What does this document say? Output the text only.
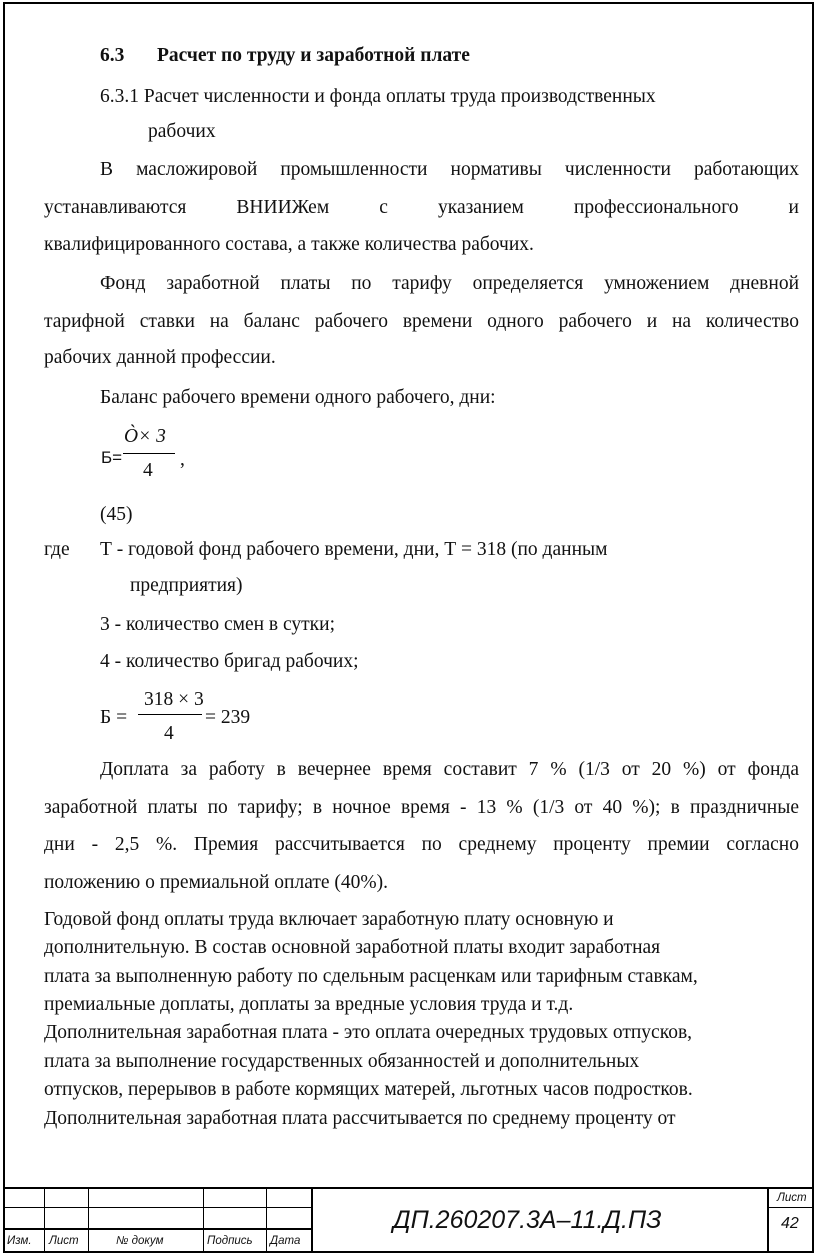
6.3 Расчет по труду и заработной плате
6.3.1 Расчет численности и фонда оплаты труда производственных
рабочих
В масложировой промышленности нормативы численности работающих
устанавливаются ВНИИЖем с указанием профессионального и
квалифицированного состава, а также количества рабочих.
Фонд заработной платы по тарифу определяется умножением дневной
тарифной ставки на баланс рабочего времени одного рабочего и на количество
рабочих данной профессии.
Баланс рабочего времени одного рабочего, дни:
Б=
Ò× 3
4
,
(45)
где Т - годовой фонд рабочего времени, дни, Т = 318 (по данным
предприятия)
3 - количество смен в сутки;
4 - количество бригад рабочих;
Б =
318 × 3
4
= 239
Доплата за работу в вечернее время составит 7 % (1/3 от 20 %) от фонда
заработной платы по тарифу; в ночное время - 13 % (1/3 от 40 %); в праздничные
дни - 2,5 %. Премия рассчитывается по среднему проценту премии согласно
положению о премиальной оплате (40%).
Годовой фонд оплаты труда включает заработную плату основную и
дополнительную. В состав основной заработной платы входит заработная
плата за выполненную работу по сдельным расценкам или тарифным ставкам,
премиальные доплаты, доплаты за вредные условия труда и т.д.
Дополнительная заработная плата - это оплата очередных трудовых отпусков,
плата за выполнение государственных обязанностей и дополнительных
отпусков, перерывов в работе кормящих матерей, льготных часов подростков.
Дополнительная заработная плата рассчитывается по среднему проценту от
Изм. Лист	№ докум	Подпись Дата
ДП.260207.3А–11.Д.ПЗ
Лист
42
